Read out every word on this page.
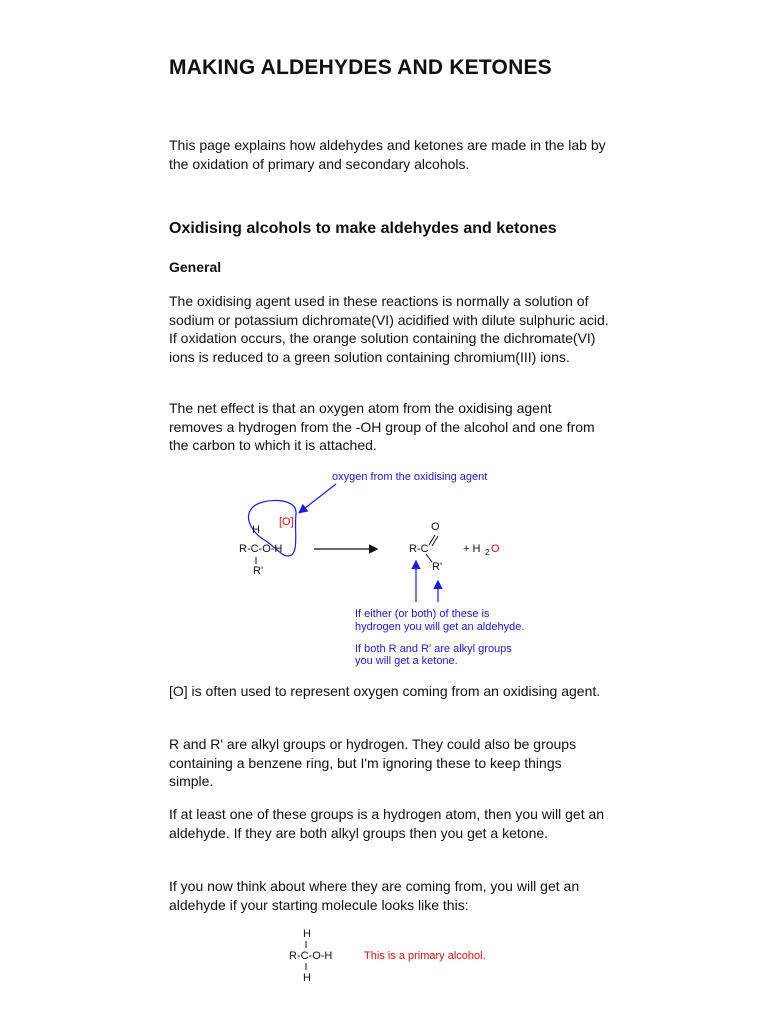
MAKING ALDEHYDES AND KETONES

This page explains how aldehydes and ketones are made in the lab by the oxidation of primary and secondary alcohols.

Oxidising alcohols to make aldehydes and ketones
General

The oxidising agent used in these reactions is normally a solution of sodium or potassium dichromate(VI) acidified with dilute sulphuric acid. If oxidation occurs, the orange solution containing the dichromate(VI) ions is reduced to a green solution containing chromium(III) ions.

The net effect is that an oxygen atom from the oxidising agent removes a hydrogen from the -OH group of the alcohol and one from the carbon to which it is attached.

[O] is often used to represent oxygen coming from an oxidising agent.

R and R' are alkyl groups or hydrogen. They could also be groups containing a benzene ring, but I'm ignoring these to keep things simple.

If at least one of these groups is a hydrogen atom, then you will get an aldehyde. If they are both alkyl groups then you get a ketone.

If you now think about where they are coming from, you will get an aldehyde if your starting molecule looks like this:

oxygen from the oxidising agent
[O]
H
R-C-O-H
R'
O
R-C
R'
+ H 2 O
If either (or both) of these is
hydrogen you will get an aldehyde.
If both R and R' are alkyl groups
you will get a ketone.
H
R-C-O-H
H
This is a primary alcohol.
